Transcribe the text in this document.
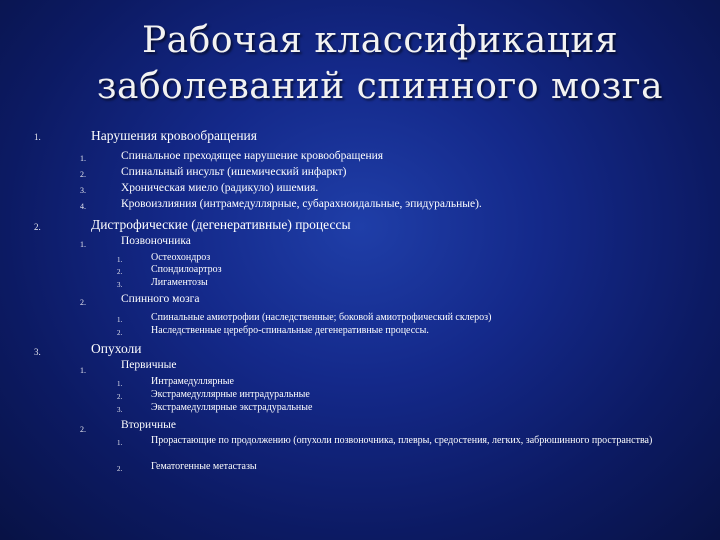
Рабочая классификация
заболеваний спинного мозга
1.	Нарушения кровообращения
1.	Спинальное преходящее нарушение кровообращения
2.	Спинальный инсульт (ишемический инфаркт)
3.	Хроническая миело (радикуло) ишемия.
4.	Кровоизлияния (интрамедуллярные, субарахноидальные, эпидуральные).
2.	Дистрофические (дегенеративные) процессы
1.	Позвоночника
1.	Остеохондроз
2.	Спондилоартроз
3.	Лигаментозы
2.	Спинного мозга
1.	Спинальные амиотрофии (наследственные; боковой амиотрофический склероз)
2.	Наследственные церебро-спинальные дегенеративные процессы.
3.	Опухоли
1.	Первичные
1.	Интрамедуллярные
2.	Экстрамедуллярные интрадуральные
3.	Экстрамедуллярные экстрадуральные
2.	Вторичные
1.	Прорастающие по продолжению (опухоли позвоночника, плевры, средостения, легких, забрюшинного пространства)
2.	Гематогенные метастазы
